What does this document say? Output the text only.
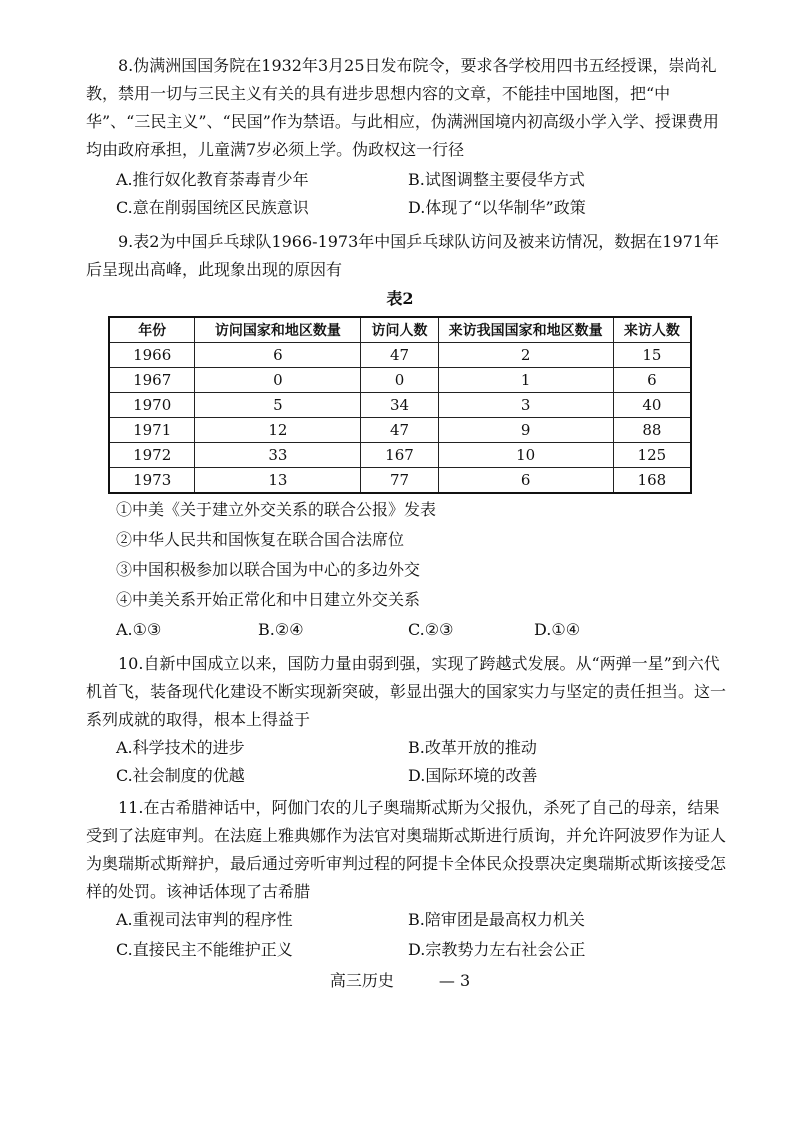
8.伪满洲国国务院在1932年3月25日发布院令，要求各学校用四书五经授课，崇尚礼教，禁用一切与三民主义有关的具有进步思想内容的文章，不能挂中国地图，把“中华”、“三民主义”、“民国”作为禁语。与此相应，伪满洲国境内初高级小学入学、授课费用均由政府承担，儿童满7岁必须上学。伪政权这一行径

A.推行奴化教育荼毒青少年	B.试图调整主要侵华方式
C.意在削弱国统区民族意识	D.体现了“以华制华”政策

9.表2为中国乒乓球队1966-1973年中国乒乓球队访问及被来访情况，数据在1971年后呈现出高峰，此现象出现的原因有

表2
年份	访问国家和地区数量	访问人数	来访我国国家和地区数量	来访人数
1966	6	47	2	15
1967	0	0	1	6
1970	5	34	3	40
1971	12	47	9	88
1972	33	167	10	125
1973	13	77	6	168
①中美《关于建立外交关系的联合公报》发表
②中华人民共和国恢复在联合国合法席位
③中国积极参加以联合国为中心的多边外交
④中美关系开始正常化和中日建立外交关系
A.①③	B.②④	C.②③	D.①④

10.自新中国成立以来，国防力量由弱到强，实现了跨越式发展。从“两弹一星”到六代机首飞，装备现代化建设不断实现新突破，彰显出强大的国家实力与坚定的责任担当。这一系列成就的取得，根本上得益于

A.科学技术的进步	B.改革开放的推动
C.社会制度的优越	D.国际环境的改善

11.在古希腊神话中，阿伽门农的儿子奥瑞斯忒斯为父报仇，杀死了自己的母亲，结果受到了法庭审判。在法庭上雅典娜作为法官对奥瑞斯忒斯进行质询，并允许阿波罗作为证人为奥瑞斯忒斯辩护，最后通过旁听审判过程的阿提卡全体民众投票决定奥瑞斯忒斯该接受怎样的处罚。该神话体现了古希腊

A.重视司法审判的程序性	B.陪审团是最高权力机关
C.直接民主不能维护正义	D.宗教势力左右社会公正
高三历史	— 3
